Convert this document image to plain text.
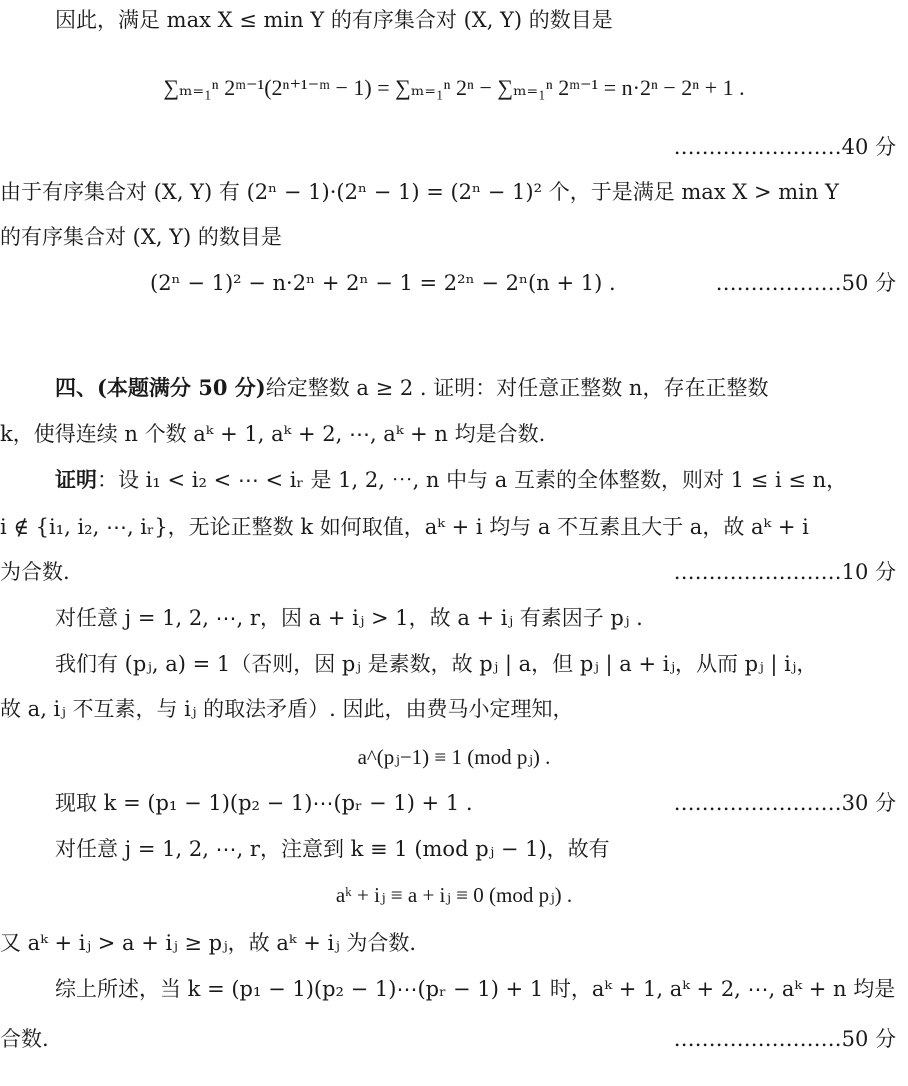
因此，满足 max X ≤ min Y 的有序集合对 (X, Y) 的数目是
∑ₘ₌₁ⁿ 2ᵐ⁻¹(2ⁿ⁺¹⁻ᵐ − 1) = ∑ₘ₌₁ⁿ 2ⁿ − ∑ₘ₌₁ⁿ 2ᵐ⁻¹ = n·2ⁿ − 2ⁿ + 1 .
……………………40 分
由于有序集合对 (X, Y) 有 (2ⁿ − 1)·(2ⁿ − 1) = (2ⁿ − 1)² 个，于是满足 max X > min Y
的有序集合对 (X, Y) 的数目是
(2ⁿ − 1)² − n·2ⁿ + 2ⁿ − 1 = 2²ⁿ − 2ⁿ(n + 1) .	………………50 分
四、(本题满分 50 分)给定整数 a ≥ 2 . 证明：对任意正整数 n，存在正整数
k，使得连续 n 个数 aᵏ + 1, aᵏ + 2, ⋯, aᵏ + n 均是合数.
证明：设 i₁ < i₂ < ⋯ < iᵣ 是 1, 2, ⋯, n 中与 a 互素的全体整数，则对 1 ≤ i ≤ n，
i ∉ {i₁, i₂, ⋯, iᵣ}，无论正整数 k 如何取值，aᵏ + i 均与 a 不互素且大于 a，故 aᵏ + i
为合数.	……………………10 分
对任意 j = 1, 2, ⋯, r，因 a + iⱼ > 1，故 a + iⱼ 有素因子 pⱼ .
我们有 (pⱼ, a) = 1（否则，因 pⱼ 是素数，故 pⱼ | a，但 pⱼ | a + iⱼ，从而 pⱼ | iⱼ，
故 a, iⱼ 不互素，与 iⱼ 的取法矛盾）. 因此，由费马小定理知，
a^(pⱼ−1) ≡ 1 (mod pⱼ) .
现取 k = (p₁ − 1)(p₂ − 1)⋯(pᵣ − 1) + 1 .	……………………30 分
对任意 j = 1, 2, ⋯, r，注意到 k ≡ 1 (mod pⱼ − 1)，故有
aᵏ + iⱼ ≡ a + iⱼ ≡ 0 (mod pⱼ) .
又 aᵏ + iⱼ > a + iⱼ ≥ pⱼ，故 aᵏ + iⱼ 为合数.
综上所述，当 k = (p₁ − 1)(p₂ − 1)⋯(pᵣ − 1) + 1 时，aᵏ + 1, aᵏ + 2, ⋯, aᵏ + n 均是
合数.	……………………50 分
